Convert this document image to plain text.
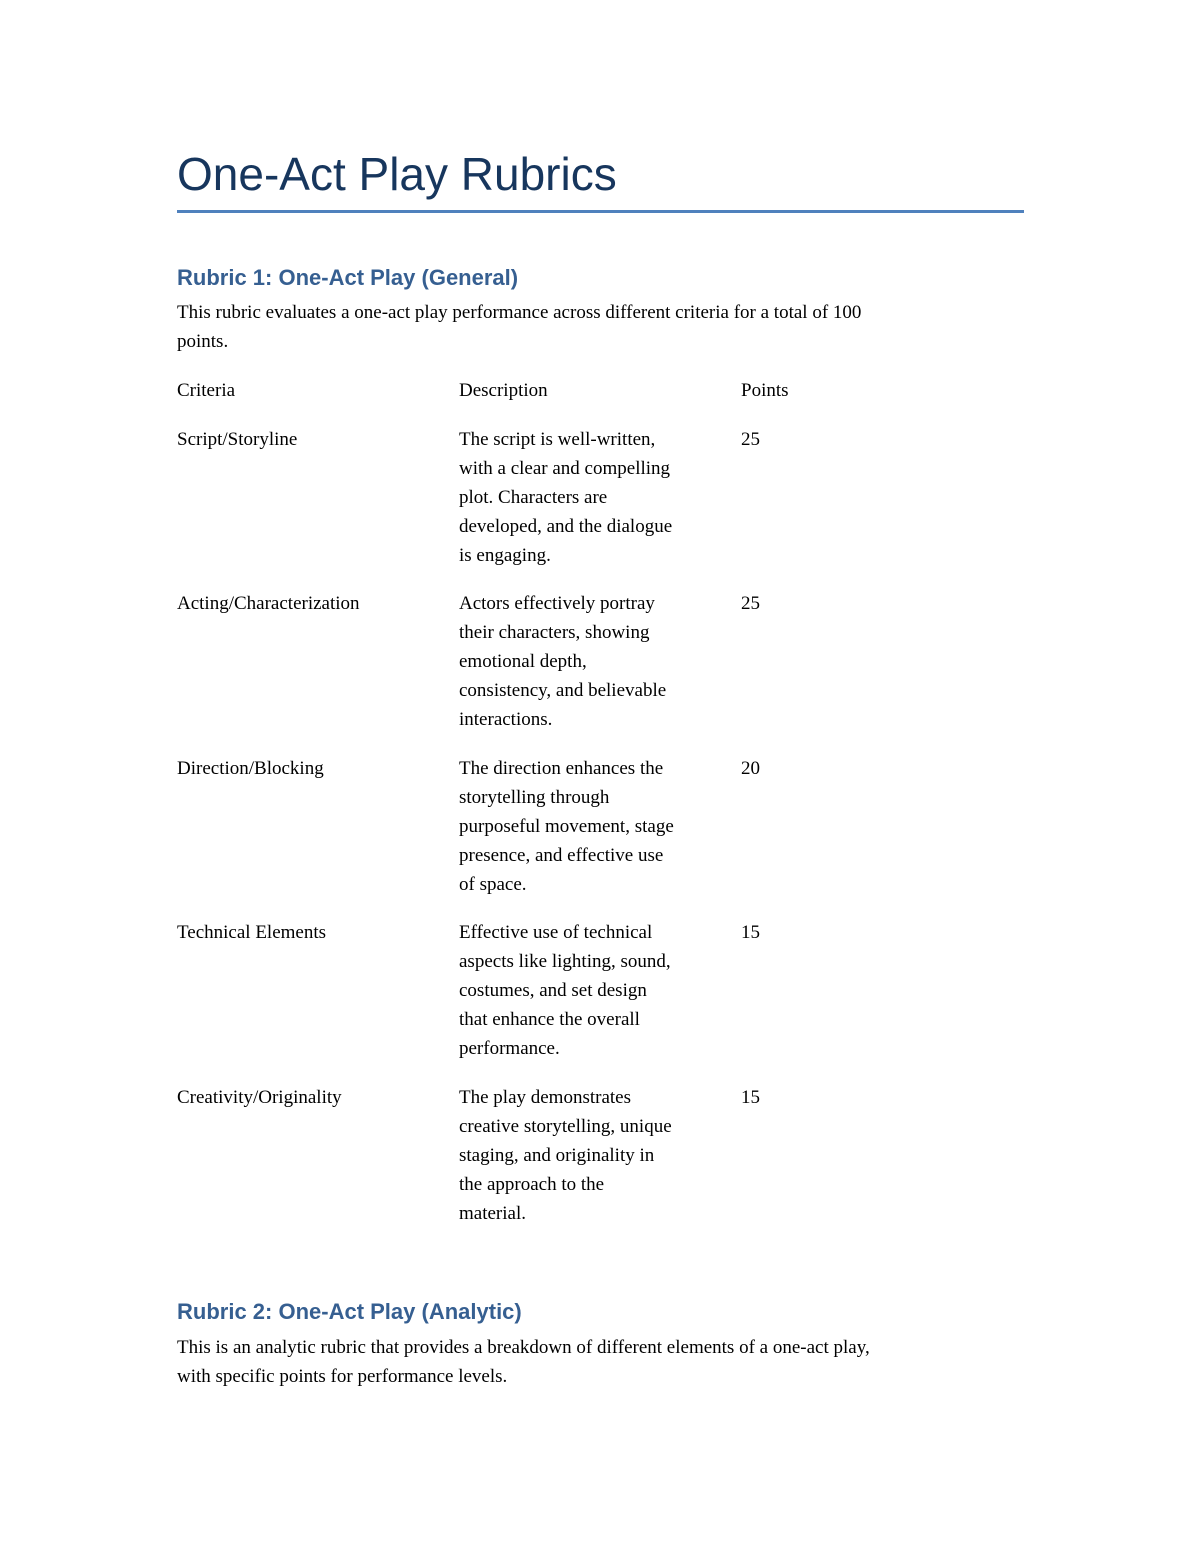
One-Act Play Rubrics
Rubric 1: One-Act Play (General)

This rubric evaluates a one-act play performance across different criteria for a total of 100
points.

Criteria	Description	Points
Script/Storyline	The script is well-written,
with a clear and compelling
plot. Characters are
developed, and the dialogue
is engaging.
25
Acting/Characterization	Actors effectively portray
their characters, showing
emotional depth,
consistency, and believable
interactions.
25
Direction/Blocking	The direction enhances the
storytelling through
purposeful movement, stage
presence, and effective use
of space.
20
Technical Elements	Effective use of technical
aspects like lighting, sound,
costumes, and set design
that enhance the overall
performance.
15
Creativity/Originality	The play demonstrates
creative storytelling, unique
staging, and originality in
the approach to the
material.
15
Rubric 2: One-Act Play (Analytic)

This is an analytic rubric that provides a breakdown of different elements of a one-act play,
with specific points for performance levels.
